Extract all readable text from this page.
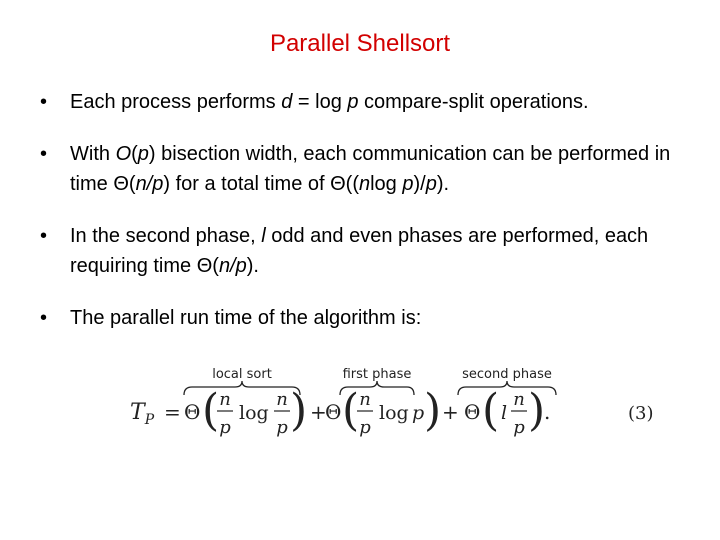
Parallel Shellsort
• Each process performs d = log p compare-split operations.
• With O(p) bisection width, each communication can be performed in time Θ(n/p) for a total time of Θ((nlog p)/p).
• In the second phase, l odd and even phases are performed, each requiring time Θ(n/p).
• The parallel run time of the algorithm is:
local sort	first phase	second phase
$T_P = \Theta$ ( n
p
log
n
p ) +
Θ ( n
p
log p ) + Θ ( l
n
p )
.	(3)
